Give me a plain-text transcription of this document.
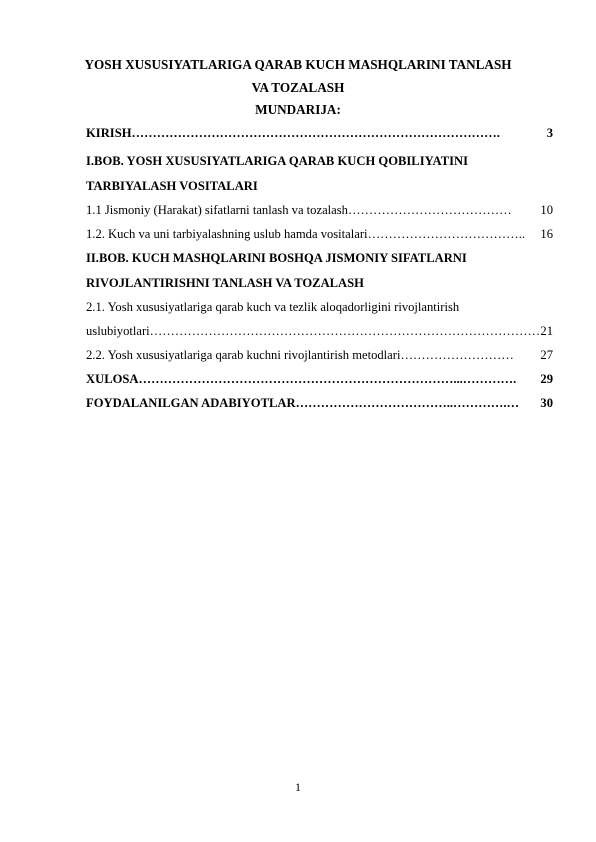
YOSH XUSUSIYATLARIGA QARAB KUCH MASHQLARINI TANLASH
VA TOZALASH
MUNDARIJA:
KIRISH …………………………………………………………………………….	3
I.BOB. YOSH XUSUSIYATLARIGA QARAB KUCH QOBILIYATINI
TARBIYALASH VOSITALARI
1.1 Jismoniy (Harakat) sifatlarni tanlash va tozalash …………………………………	10
1.2. Kuch va uni tarbiyalashning uslub hamda vositalari ………………………………..	16
II.BOB. KUCH MASHQLARINI BOSHQA JISMONIY SIFATLARNI
RIVOJLANTIRISHNI TANLASH VA TOZALASH
2.1. Yosh xususiyatlariga qarab kuch va tezlik aloqadorligini rivojlantirish
uslubiyotlari ………………………………………………………………………………… 21
2.2. Yosh xususiyatlariga qarab kuchni rivojlantirish metodlari ………………………	27
XULOSA …………………………………………………………………...………….	29
FOYDALANILGAN ADABIYOTLAR ………………………………..………….…	30
1
